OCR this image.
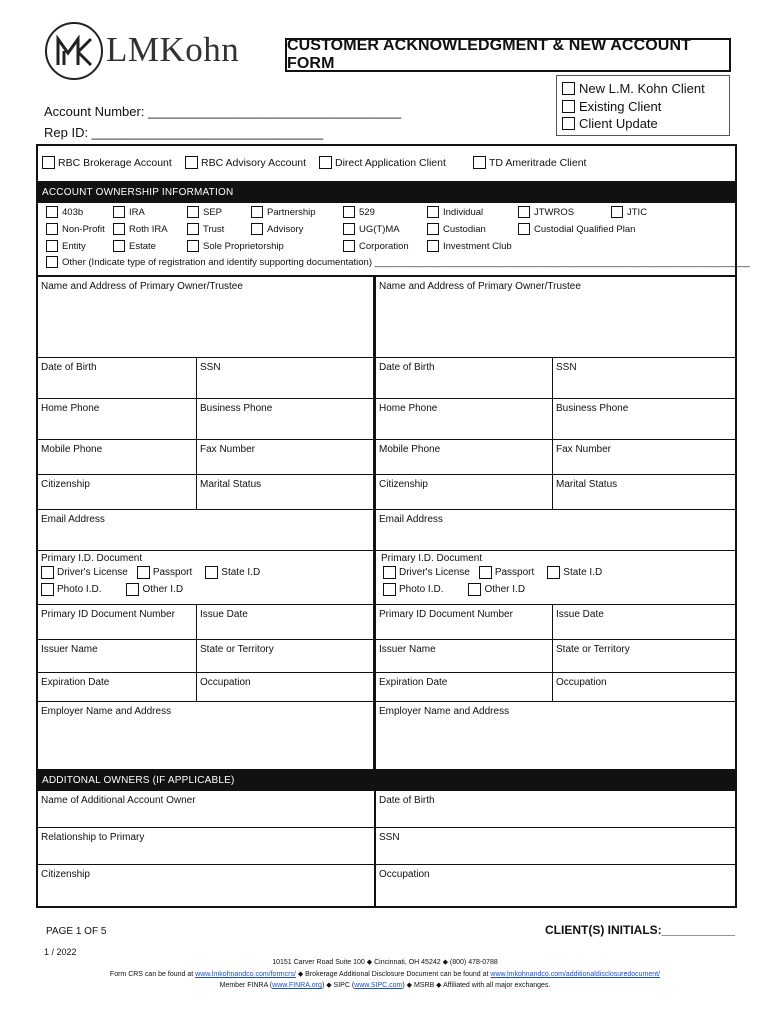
LMKohn	CUSTOMER ACKNOWLEDGMENT & NEW ACCOUNT FORM
New L.M. Kohn Client
Existing Client
Client Update
Account Number: ___________________________________
Rep ID: ________________________________
RBC Brokerage Account	RBC Advisory Account	Direct Application Client	TD Ameritrade Client
ACCOUNT OWNERSHIP INFORMATION
403b	IRA	SEP	Partnership	529	Individual	JTWROS	JTIC
Non-Profit	Roth IRA	Trust	Advisory	UG(T)MA	Custodian	Custodial Qualified Plan
Entity	Estate	Sole Proprietorship	Corporation	Investment Club
Other (Indicate type of registration and identify supporting documentation) _______________________________________________________________________
Name and Address of Primary Owner/Trustee
Date of Birth	SSN
Home Phone	Business Phone
Mobile Phone	Fax Number
Citizenship	Marital Status
Email Address
Primary I.D. Document
Driver's License	Passport	State I.D
Photo I.D.	Other I.D
Primary ID Document Number	Issue Date
Issuer Name	State or Territory
Expiration Date	Occupation
Employer Name and Address
Name and Address of Primary Owner/Trustee
Date of Birth	SSN
Home Phone	Business Phone
Mobile Phone	Fax Number
Citizenship	Marital Status
Email Address
Primary I.D. Document
Driver's License	Passport	State I.D
Photo I.D.	Other I.D
Primary ID Document Number	Issue Date
Issuer Name	State or Territory
Expiration Date	Occupation
Employer Name and Address
ADDITONAL OWNERS (IF APPLICABLE)
Name of Additional Account Owner	Date of Birth
Relationship to Primary	SSN
Citizenship	Occupation
PAGE 1 OF 5	CLIENT(S) INITIALS:___________
1 / 2022
10151 Carver Road Suite 100 ◆ Cincinnati, OH 45242 ◆ (800) 478-0788
Form CRS can be found at www.lmkohnandco.com/formcrs/ ◆ Brokerage Additional Disclosure Document can be found at www.lmkohnandco.com/additionaldisclosuredocument/
Member FINRA (www.FINRA.org) ◆ SIPC (www.SIPC.com) ◆ MSRB ◆ Affiliated with all major exchanges.
